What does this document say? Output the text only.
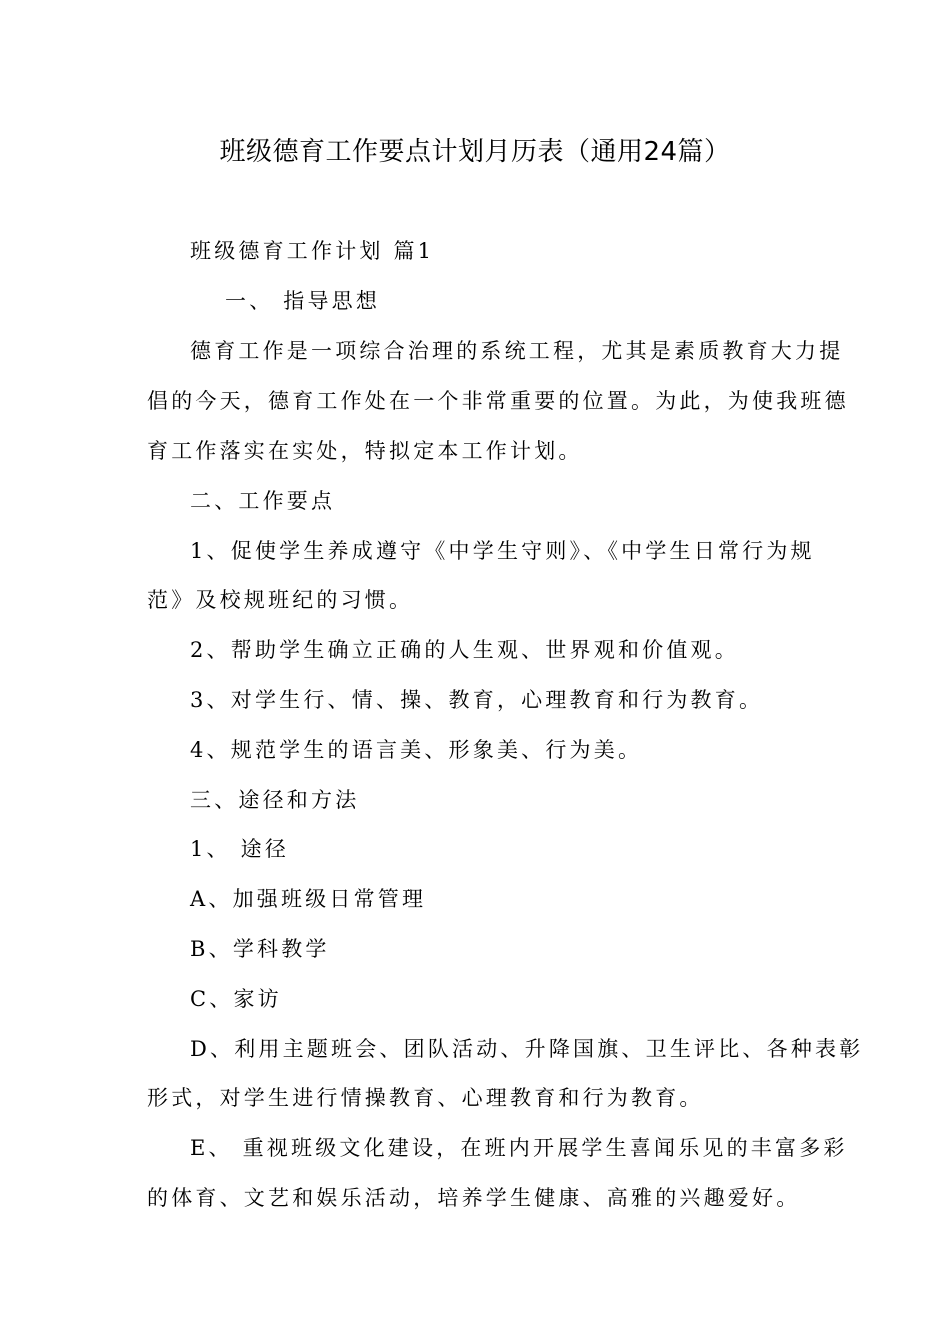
班级德育工作要点计划月历表（通用24篇）
班级德育工作计划 篇1
一、 指导思想
德育工作是一项综合治理的系统工程，尤其是素质教育大力提
倡的今天，德育工作处在一个非常重要的位置。为此，为使我班德
育工作落实在实处，特拟定本工作计划。
二、工作要点
1、促使学生养成遵守《中学生守则》、《中学生日常行为规
范》及校规班纪的习惯。
2、帮助学生确立正确的人生观、世界观和价值观。
3、对学生行、情、操、教育，心理教育和行为教育。
4、规范学生的语言美、形象美、行为美。
三、途径和方法
1、 途径
A、加强班级日常管理
B、学科教学
C、家访
D、利用主题班会、团队活动、升降国旗、卫生评比、各种表彰
形式，对学生进行情操教育、心理教育和行为教育。
E、 重视班级文化建设，在班内开展学生喜闻乐见的丰富多彩
的体育、文艺和娱乐活动，培养学生健康、高雅的兴趣爱好。
